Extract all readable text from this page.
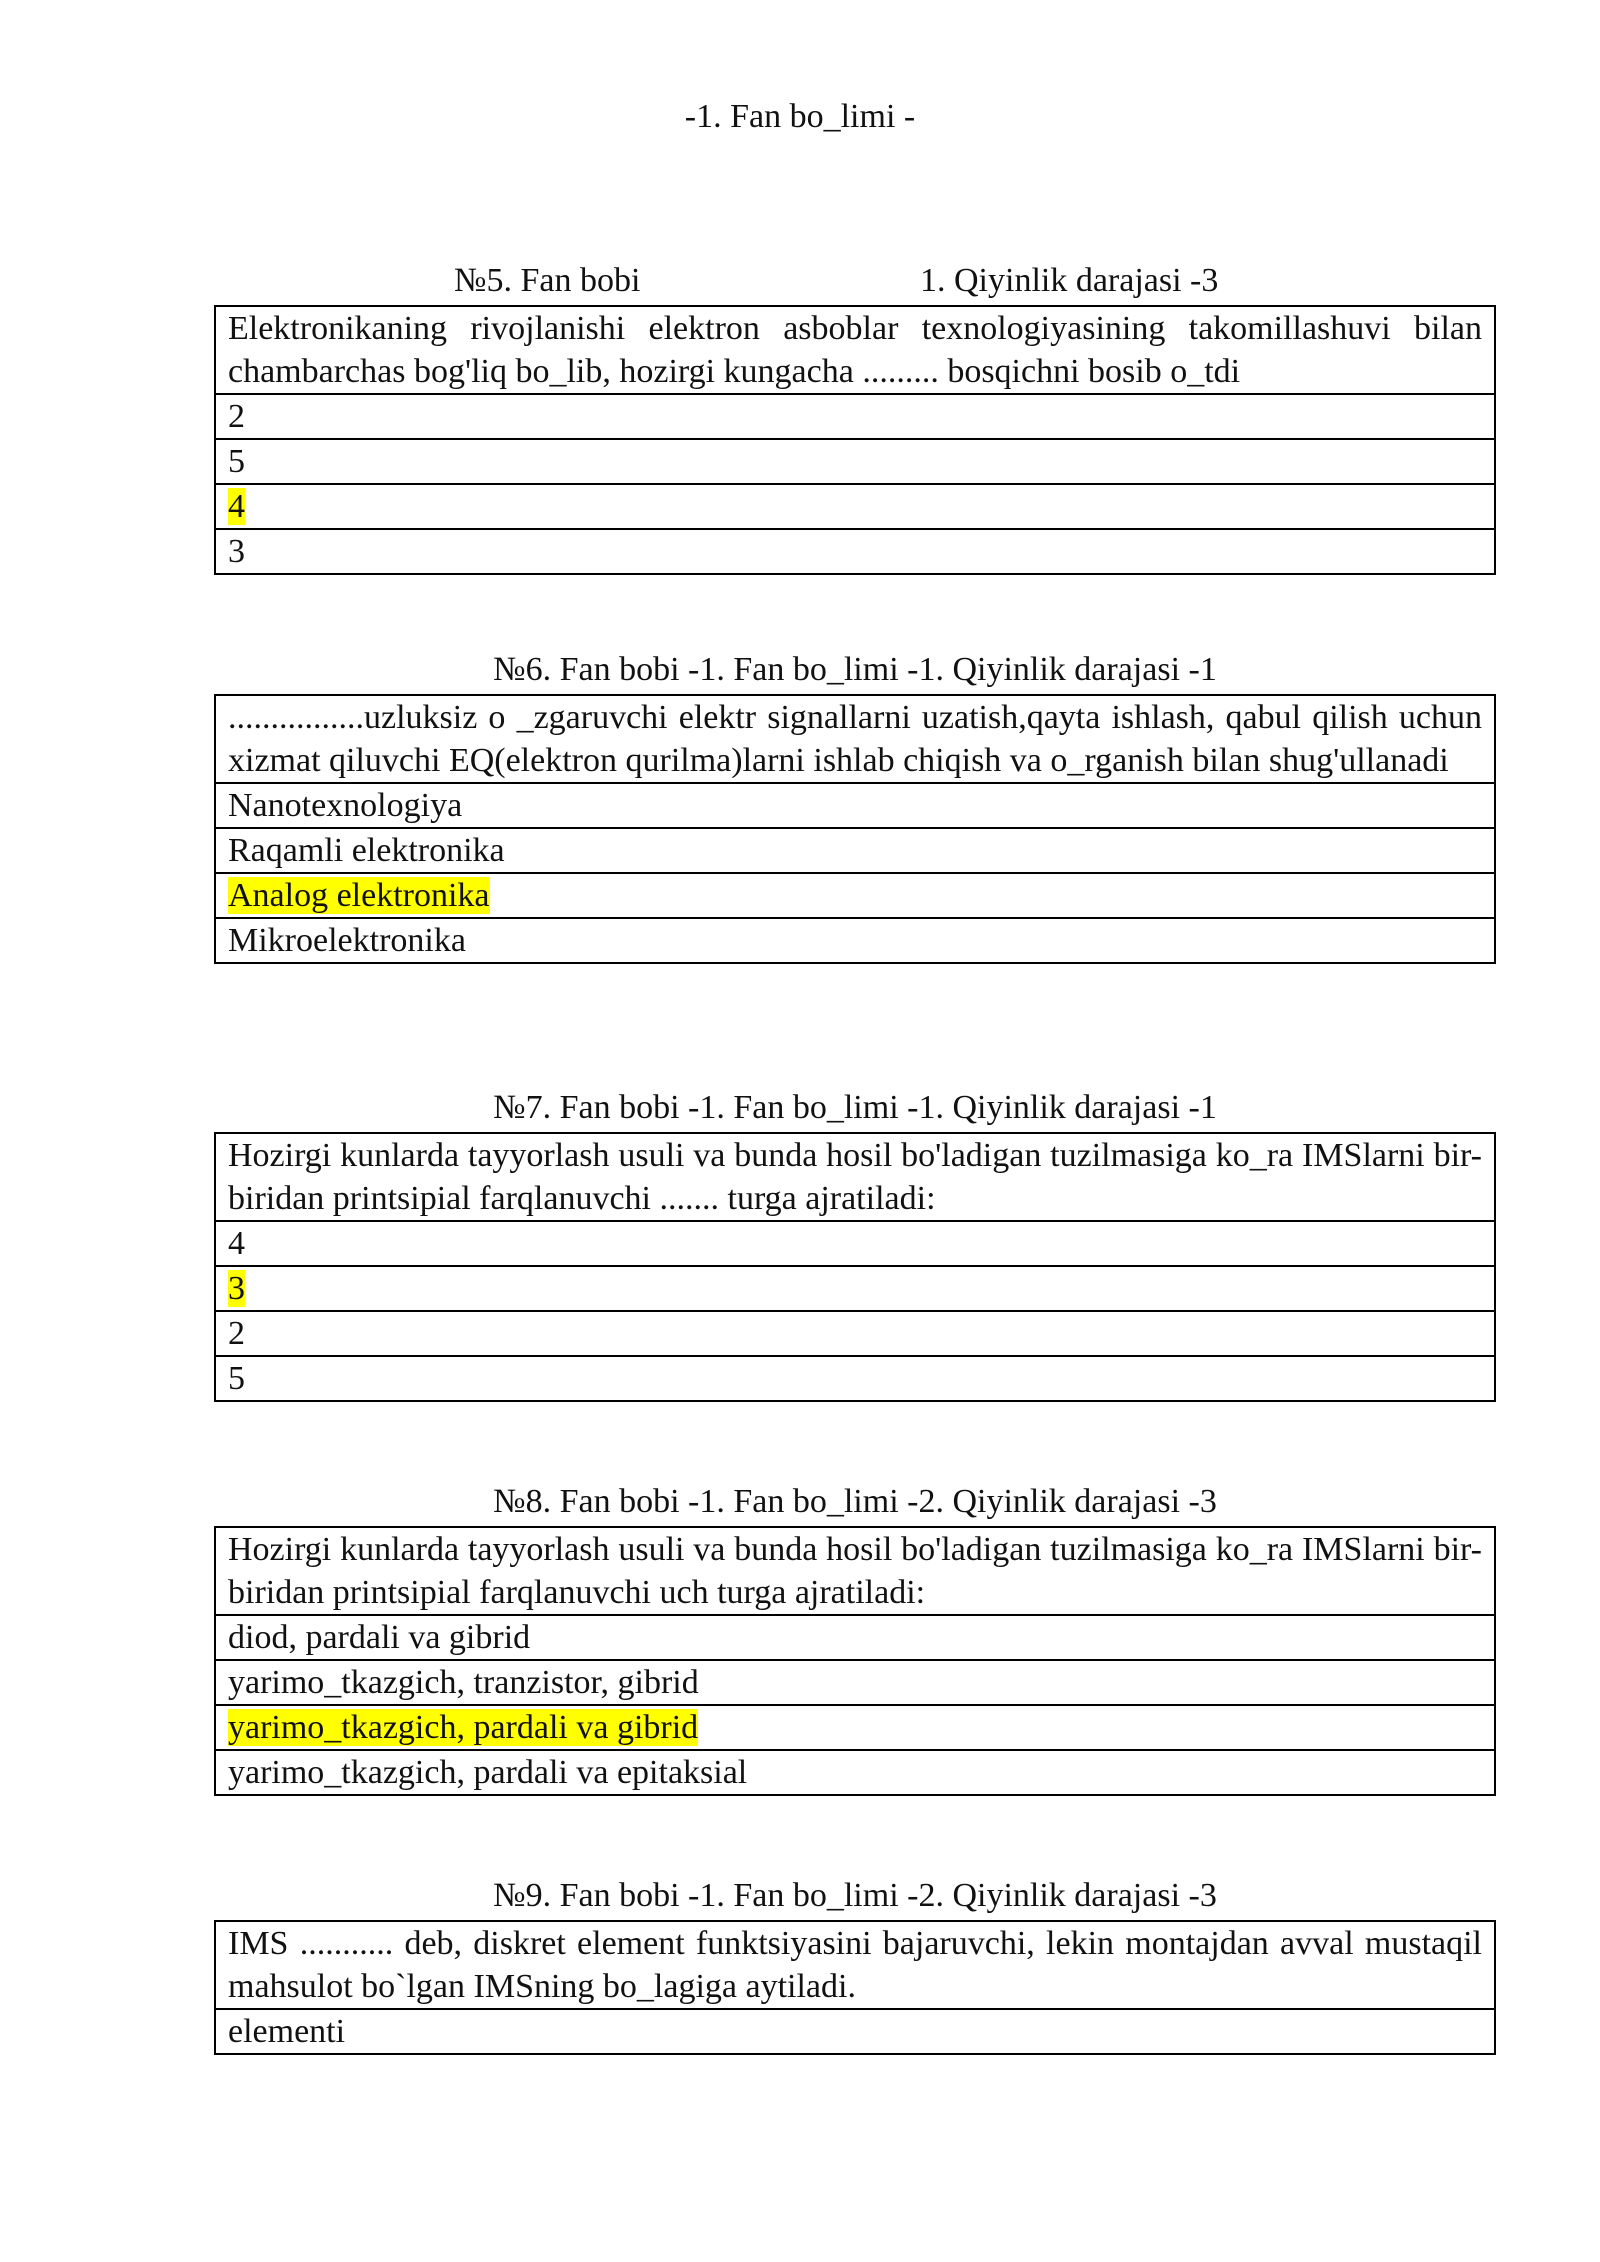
-1. Fan bo_limi -
№5. Fan bobi	1. Qiyinlik darajasi -3
Elektronikaning rivojlanishi elektron asboblar texnologiyasining takomillashuvi bilan chambarchas bog'liq bo_lib, hozirgi kungacha ......... bosqichni bosib o_tdi
2
5
4
3
№6. Fan bobi -1. Fan bo_limi -1. Qiyinlik darajasi -1
................uzluksiz o _zgaruvchi elektr signallarni uzatish,qayta ishlash, qabul qilish uchun xizmat qiluvchi EQ(elektron qurilma)larni ishlab chiqish va o_rganish bilan shug'ullanadi
Nanotexnologiya
Raqamli elektronika
Analog elektronika
Mikroelektronika
№7. Fan bobi -1. Fan bo_limi -1. Qiyinlik darajasi -1
Hozirgi kunlarda tayyorlash usuli va bunda hosil bo'ladigan tuzilmasiga ko_ra IMSlarni bir-biridan printsipial farqlanuvchi ....... turga ajratiladi:
4
3
2
5
№8. Fan bobi -1. Fan bo_limi -2. Qiyinlik darajasi -3
Hozirgi kunlarda tayyorlash usuli va bunda hosil bo'ladigan tuzilmasiga ko_ra IMSlarni bir-biridan printsipial farqlanuvchi uch turga ajratiladi:
diod, pardali va gibrid
yarimo_tkazgich, tranzistor, gibrid
yarimo_tkazgich, pardali va gibrid
yarimo_tkazgich, pardali va epitaksial
№9. Fan bobi -1. Fan bo_limi -2. Qiyinlik darajasi -3
IMS ........... deb, diskret element funktsiyasini bajaruvchi, lekin montajdan avval mustaqil mahsulot bo`lgan IMSning bo_lagiga aytiladi.
elementi
